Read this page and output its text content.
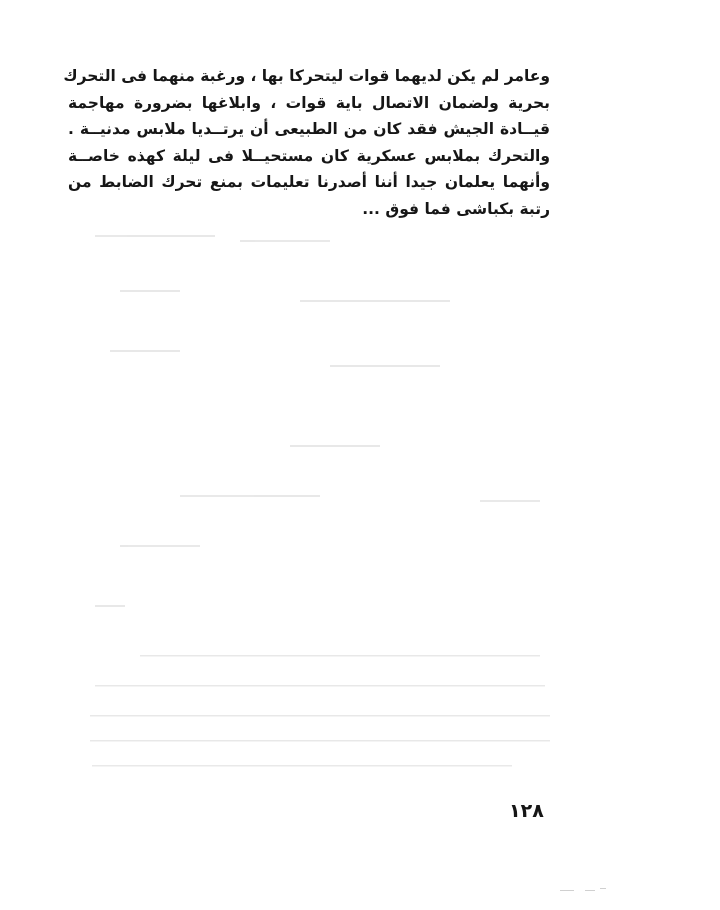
وعامر لم يكن لديهما قوات ليتحركا بها ، ورغبة منهما فى التحرك
بحرية ولضمان الاتصال باية قوات ، وابلاغها بضرورة مهاجمة
قيــادة الجيش فقد كان من الطبيعى أن يرتــديا ملابس مدنيــة .
والتحرك بملابس عسكرية كان مستحيــلا فى ليلة كهذه خاصــة
وأنهما يعلمان جيدا أننا أصدرنا تعليمات بمنع تحرك الضابط من
رتبة بكباشى فما فوق ...
١٢٨
